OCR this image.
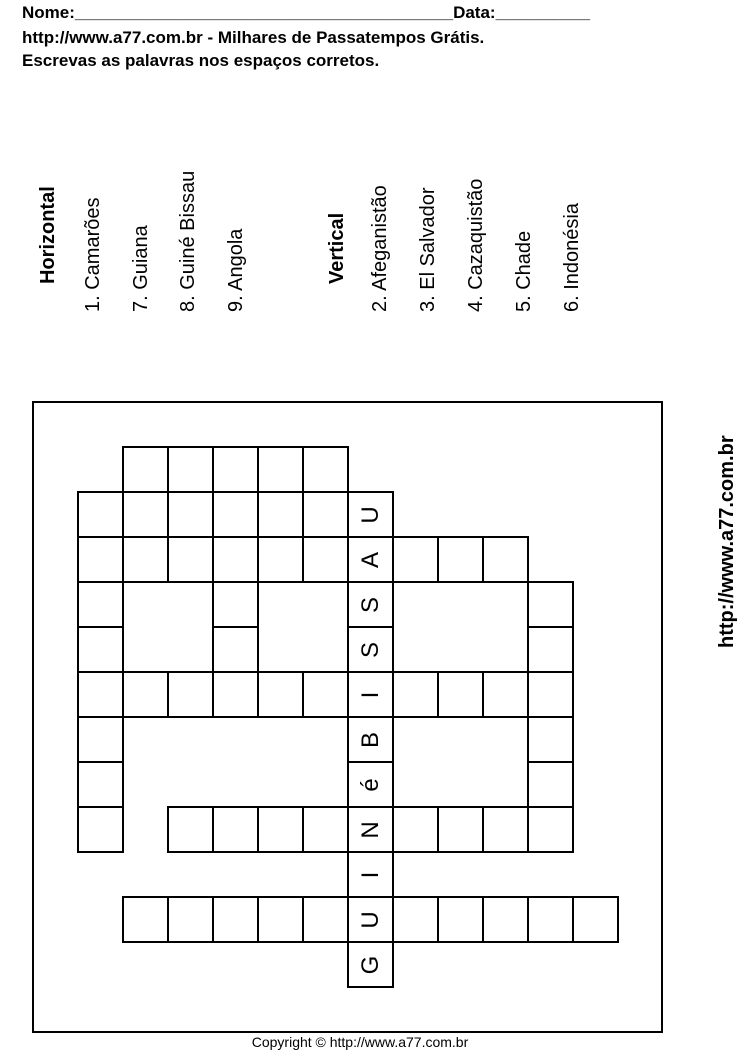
Nome:________________________________________Data:__________
http://www.a77.com.br - Milhares de Passatempos Grátis.
Escrevas as palavras nos espaços corretos.
Horizontal 1. Camarões 7. Guiana 8. Guiné Bissau 9. Angola	Vertical 2. Afeganistão 3. El Salvador 4. Cazaquistão 5. Chade 6. Indonésia
G
U
I
N
é
B
I
S
S
A
U	http://www.a77.com.br
Copyright © http://www.a77.com.br
